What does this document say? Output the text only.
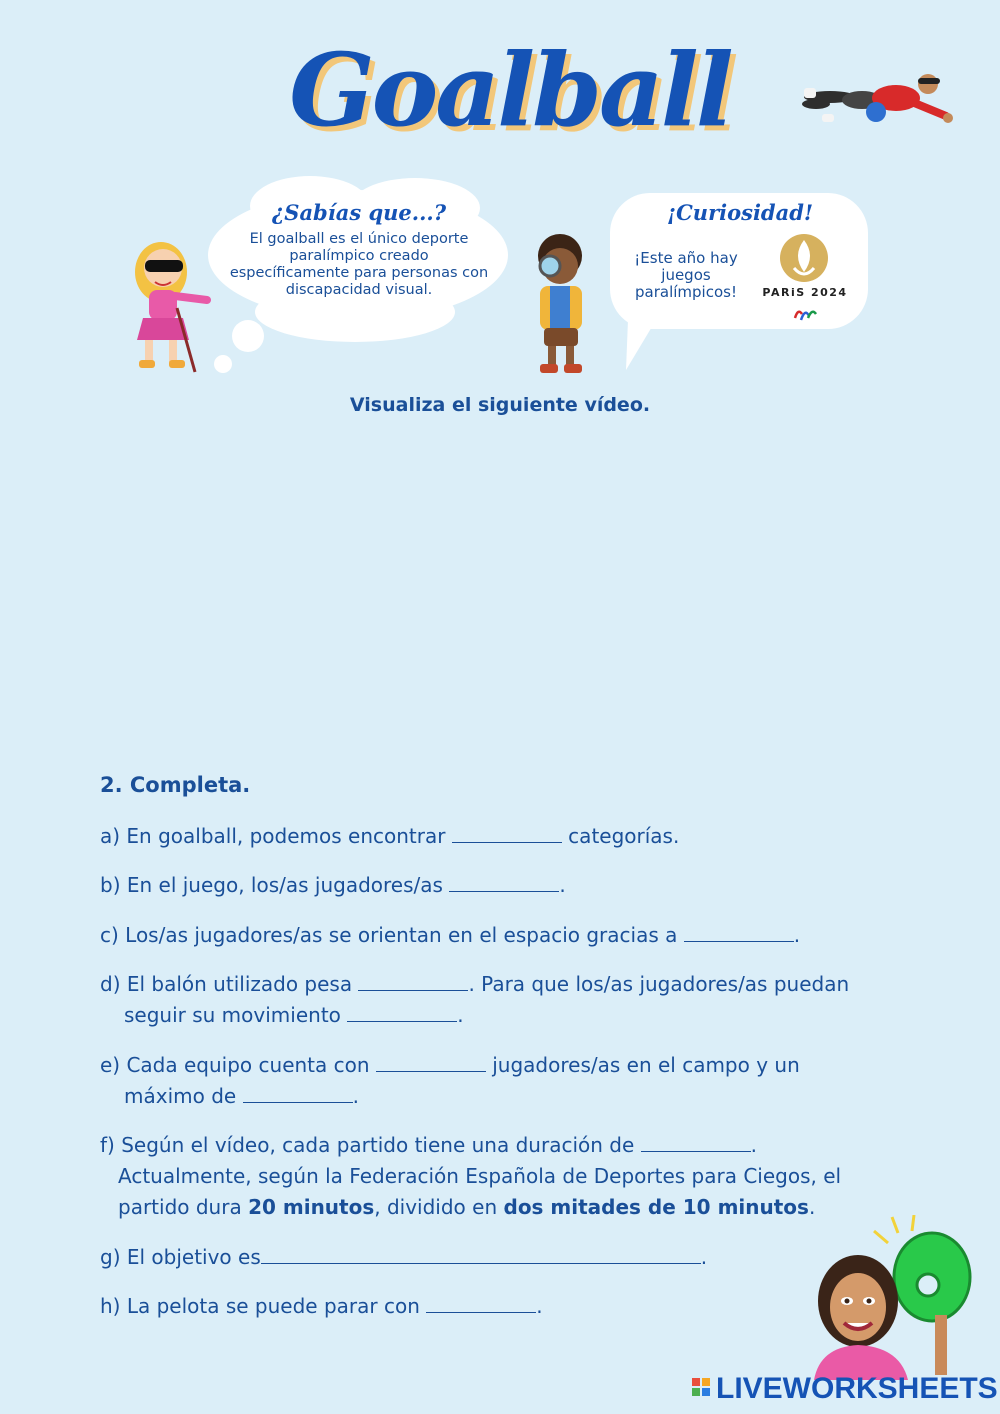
Goalball
¿Sabías que...?
El goalball es el único deporte paralímpico creado específicamente para personas con discapacidad visual.
¡Curiosidad!
¡Este año hay juegos paralímpicos!	PARiS 2024
Visualiza el siguiente vídeo.
2. Completa.
a) En goalball, podemos encontrar	categorías.
b) En el juego, los/as jugadores/as	.
c) Los/as jugadores/as se orientan en el espacio gracias a	.
d) El balón utilizado pesa	. Para que los/as jugadores/as puedan
seguir su movimiento	.
e) Cada equipo cuenta con	jugadores/as en el campo y un
máximo de	.
f) Según el vídeo, cada partido tiene una duración de	.
Actualmente, según la Federación Española de Deportes para Ciegos, el
partido dura 20 minutos, dividido en dos mitades de 10 minutos.
g) El objetivo es	.
h) La pelota se puede parar con	.
LIVEWORKSHEETS
